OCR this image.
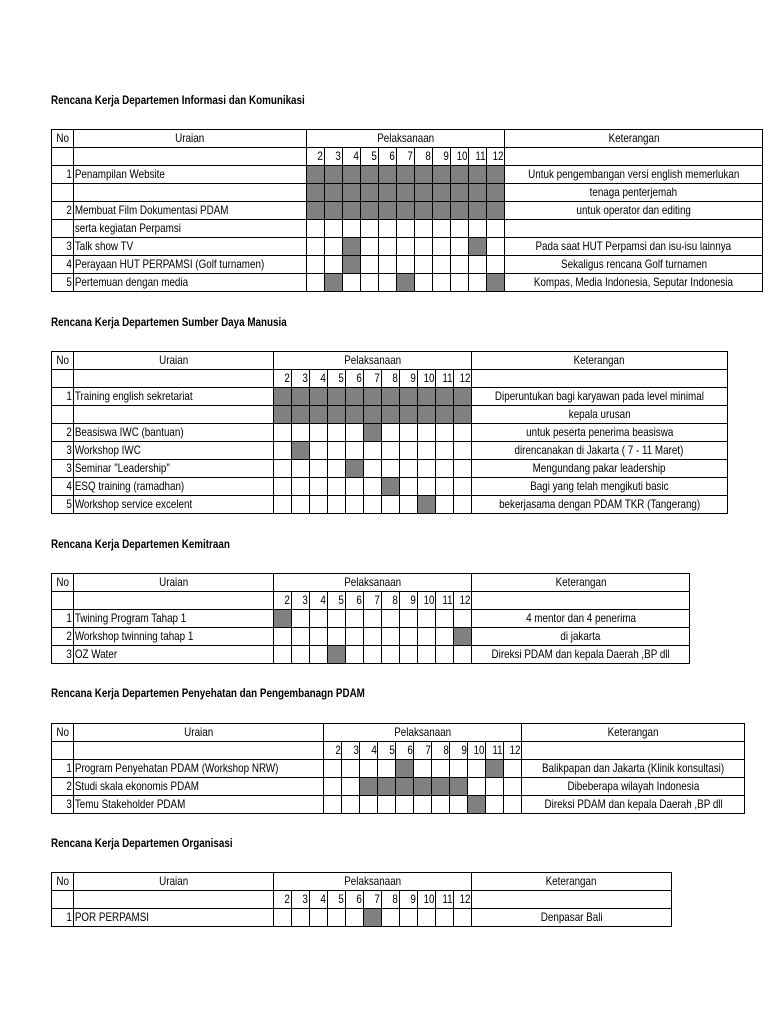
Rencana Kerja Departemen Informasi dan Komunikasi
No	Uraian	Pelaksanaan											Keterangan
		2	3	4	5	6	7	8	9	10	11	12	
1	Penampilan Website												Untuk pengembangan versi english memerlukan
													tenaga penterjemah
2	Membuat Film Dokumentasi PDAM												untuk operator dan editing
	serta kegiatan Perpamsi												
3	Talk show TV												Pada saat HUT Perpamsi dan isu-isu lainnya
4	Perayaan HUT PERPAMSI (Golf turnamen)												Sekaligus rencana Golf turnamen
5	Pertemuan dengan media												Kompas, Media Indonesia, Seputar Indonesia
Rencana Kerja Departemen Sumber Daya Manusia
No	Uraian	Pelaksanaan											Keterangan
		2	3	4	5	6	7	8	9	10	11	12	
1	Training english sekretariat												Diperuntukan bagi karyawan pada level minimal
													kepala urusan
2	Beasiswa IWC (bantuan)												untuk peserta penerima beasiswa
3	Workshop IWC												direncanakan di Jakarta ( 7 - 11 Maret)
3	Seminar "Leadership"												Mengundang pakar leadership
4	ESQ training (ramadhan)												Bagi yang telah mengikuti basic
5	Workshop service excelent												bekerjasama dengan PDAM TKR (Tangerang)
Rencana Kerja Departemen Kemitraan
No	Uraian	Pelaksanaan											Keterangan
		2	3	4	5	6	7	8	9	10	11	12	
1	Twining Program Tahap 1												4 mentor dan 4 penerima
2	Workshop twinning tahap 1												di jakarta
3	OZ Water												Direksi PDAM dan kepala Daerah ,BP dll
Rencana Kerja Departemen Penyehatan dan Pengembanagn PDAM
No	Uraian	Pelaksanaan											Keterangan
		2	3	4	5	6	7	8	9	10	11	12	
1	Program Penyehatan PDAM (Workshop NRW)												Balikpapan dan Jakarta (Klinik konsultasi)
2	Studi skala ekonomis PDAM												Dibeberapa wilayah Indonesia
3	Temu Stakeholder PDAM												Direksi PDAM dan kepala Daerah ,BP dll
Rencana Kerja Departemen Organisasi
No	Uraian	Pelaksanaan											Keterangan
		2	3	4	5	6	7	8	9	10	11	12	
1	POR PERPAMSI												Denpasar Bali
